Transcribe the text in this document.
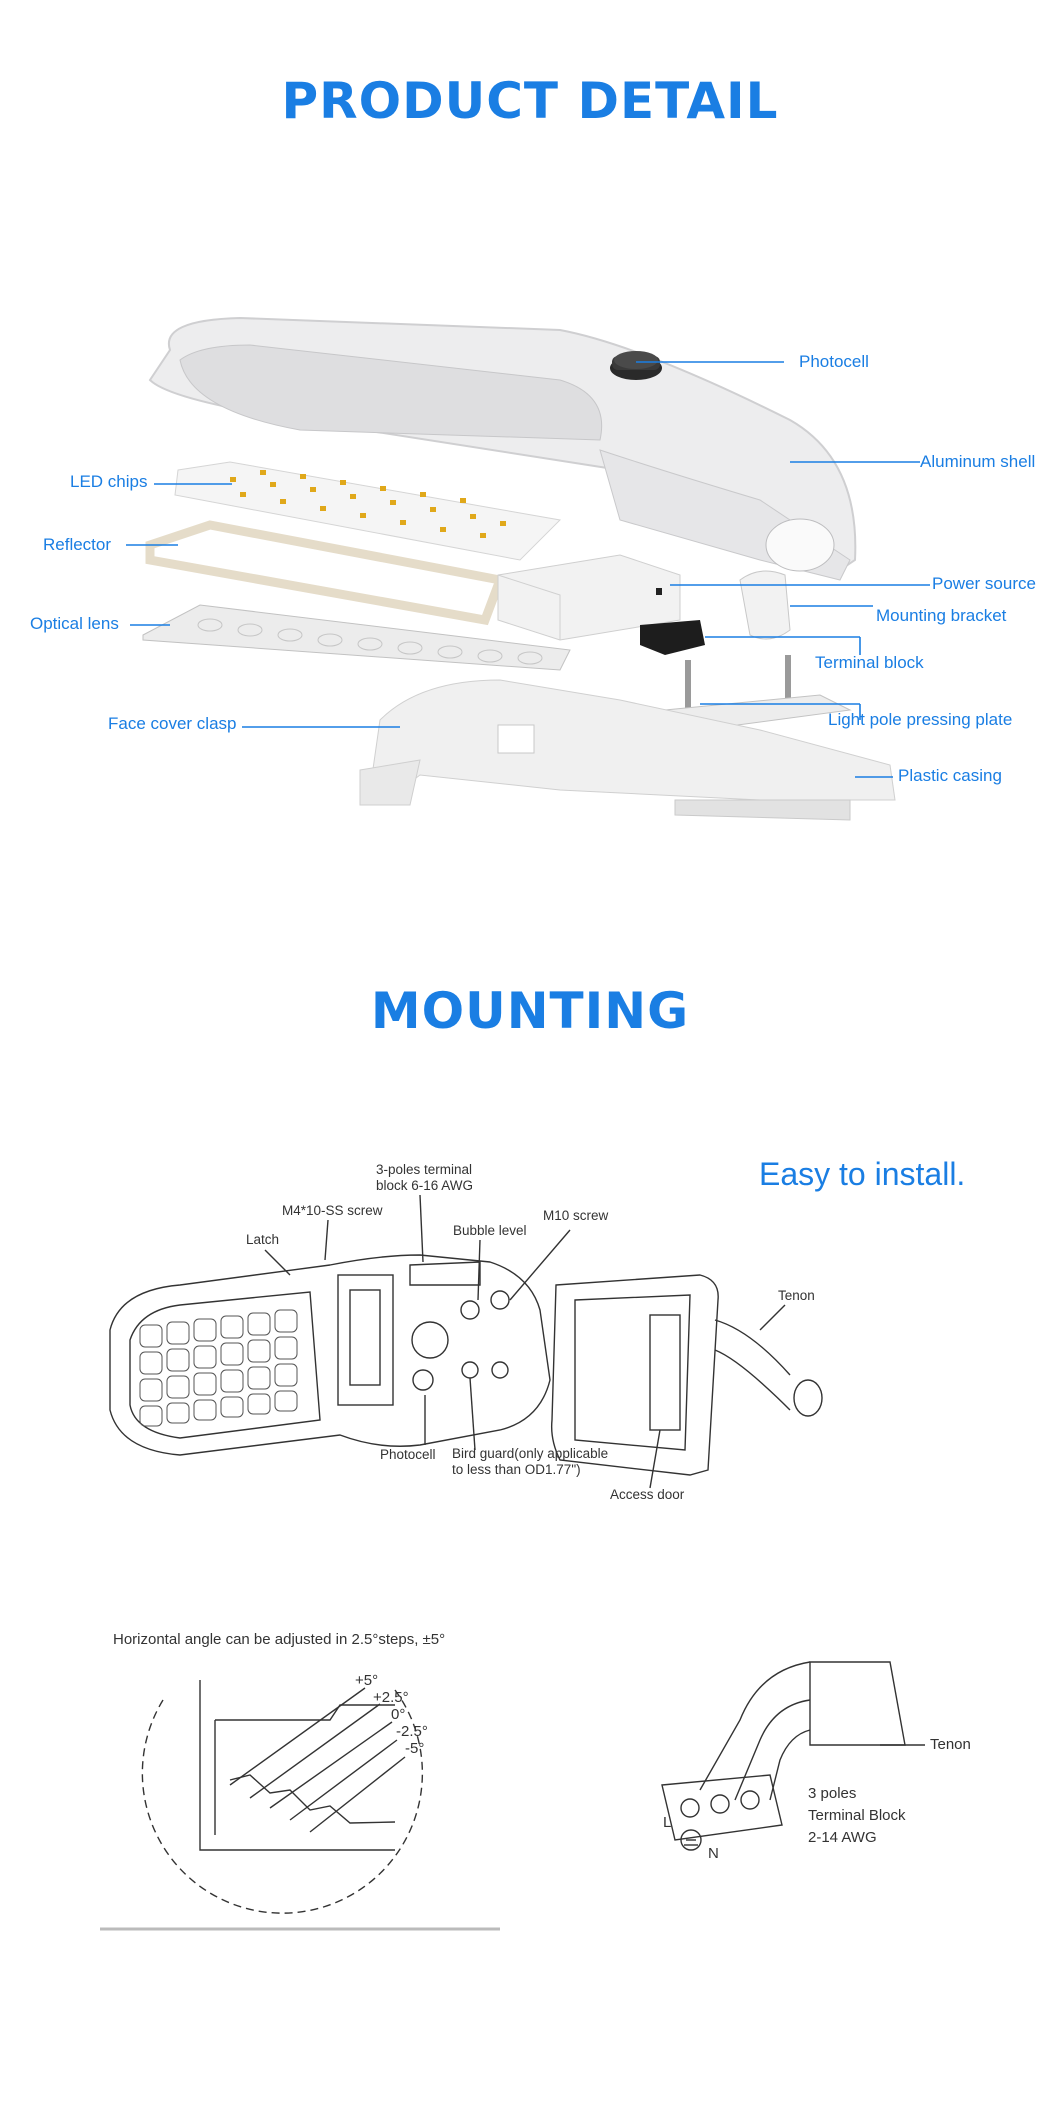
PRODUCT DETAIL
Photocell
Aluminum shell
LED chips
Reflector
Optical lens
Power source
Mounting bracket
Terminal block
Face cover clasp	Light pole pressing plate
Plastic casing
MOUNTING
Easy to install.
3-poles terminal
block 6-16 AWG
M4*10-SS screw
Bubble level
M10 screw
Latch
Tenon
Photocell Bird guard(only applicable
to less than OD1.77")
Access door
Horizontal angle can be adjusted in 2.5°steps, ±5°
+5°
+2.5°
0°
-2.5°
-5°	Tenon
3 poles
Terminal Block
2-14 AWG
L
N
